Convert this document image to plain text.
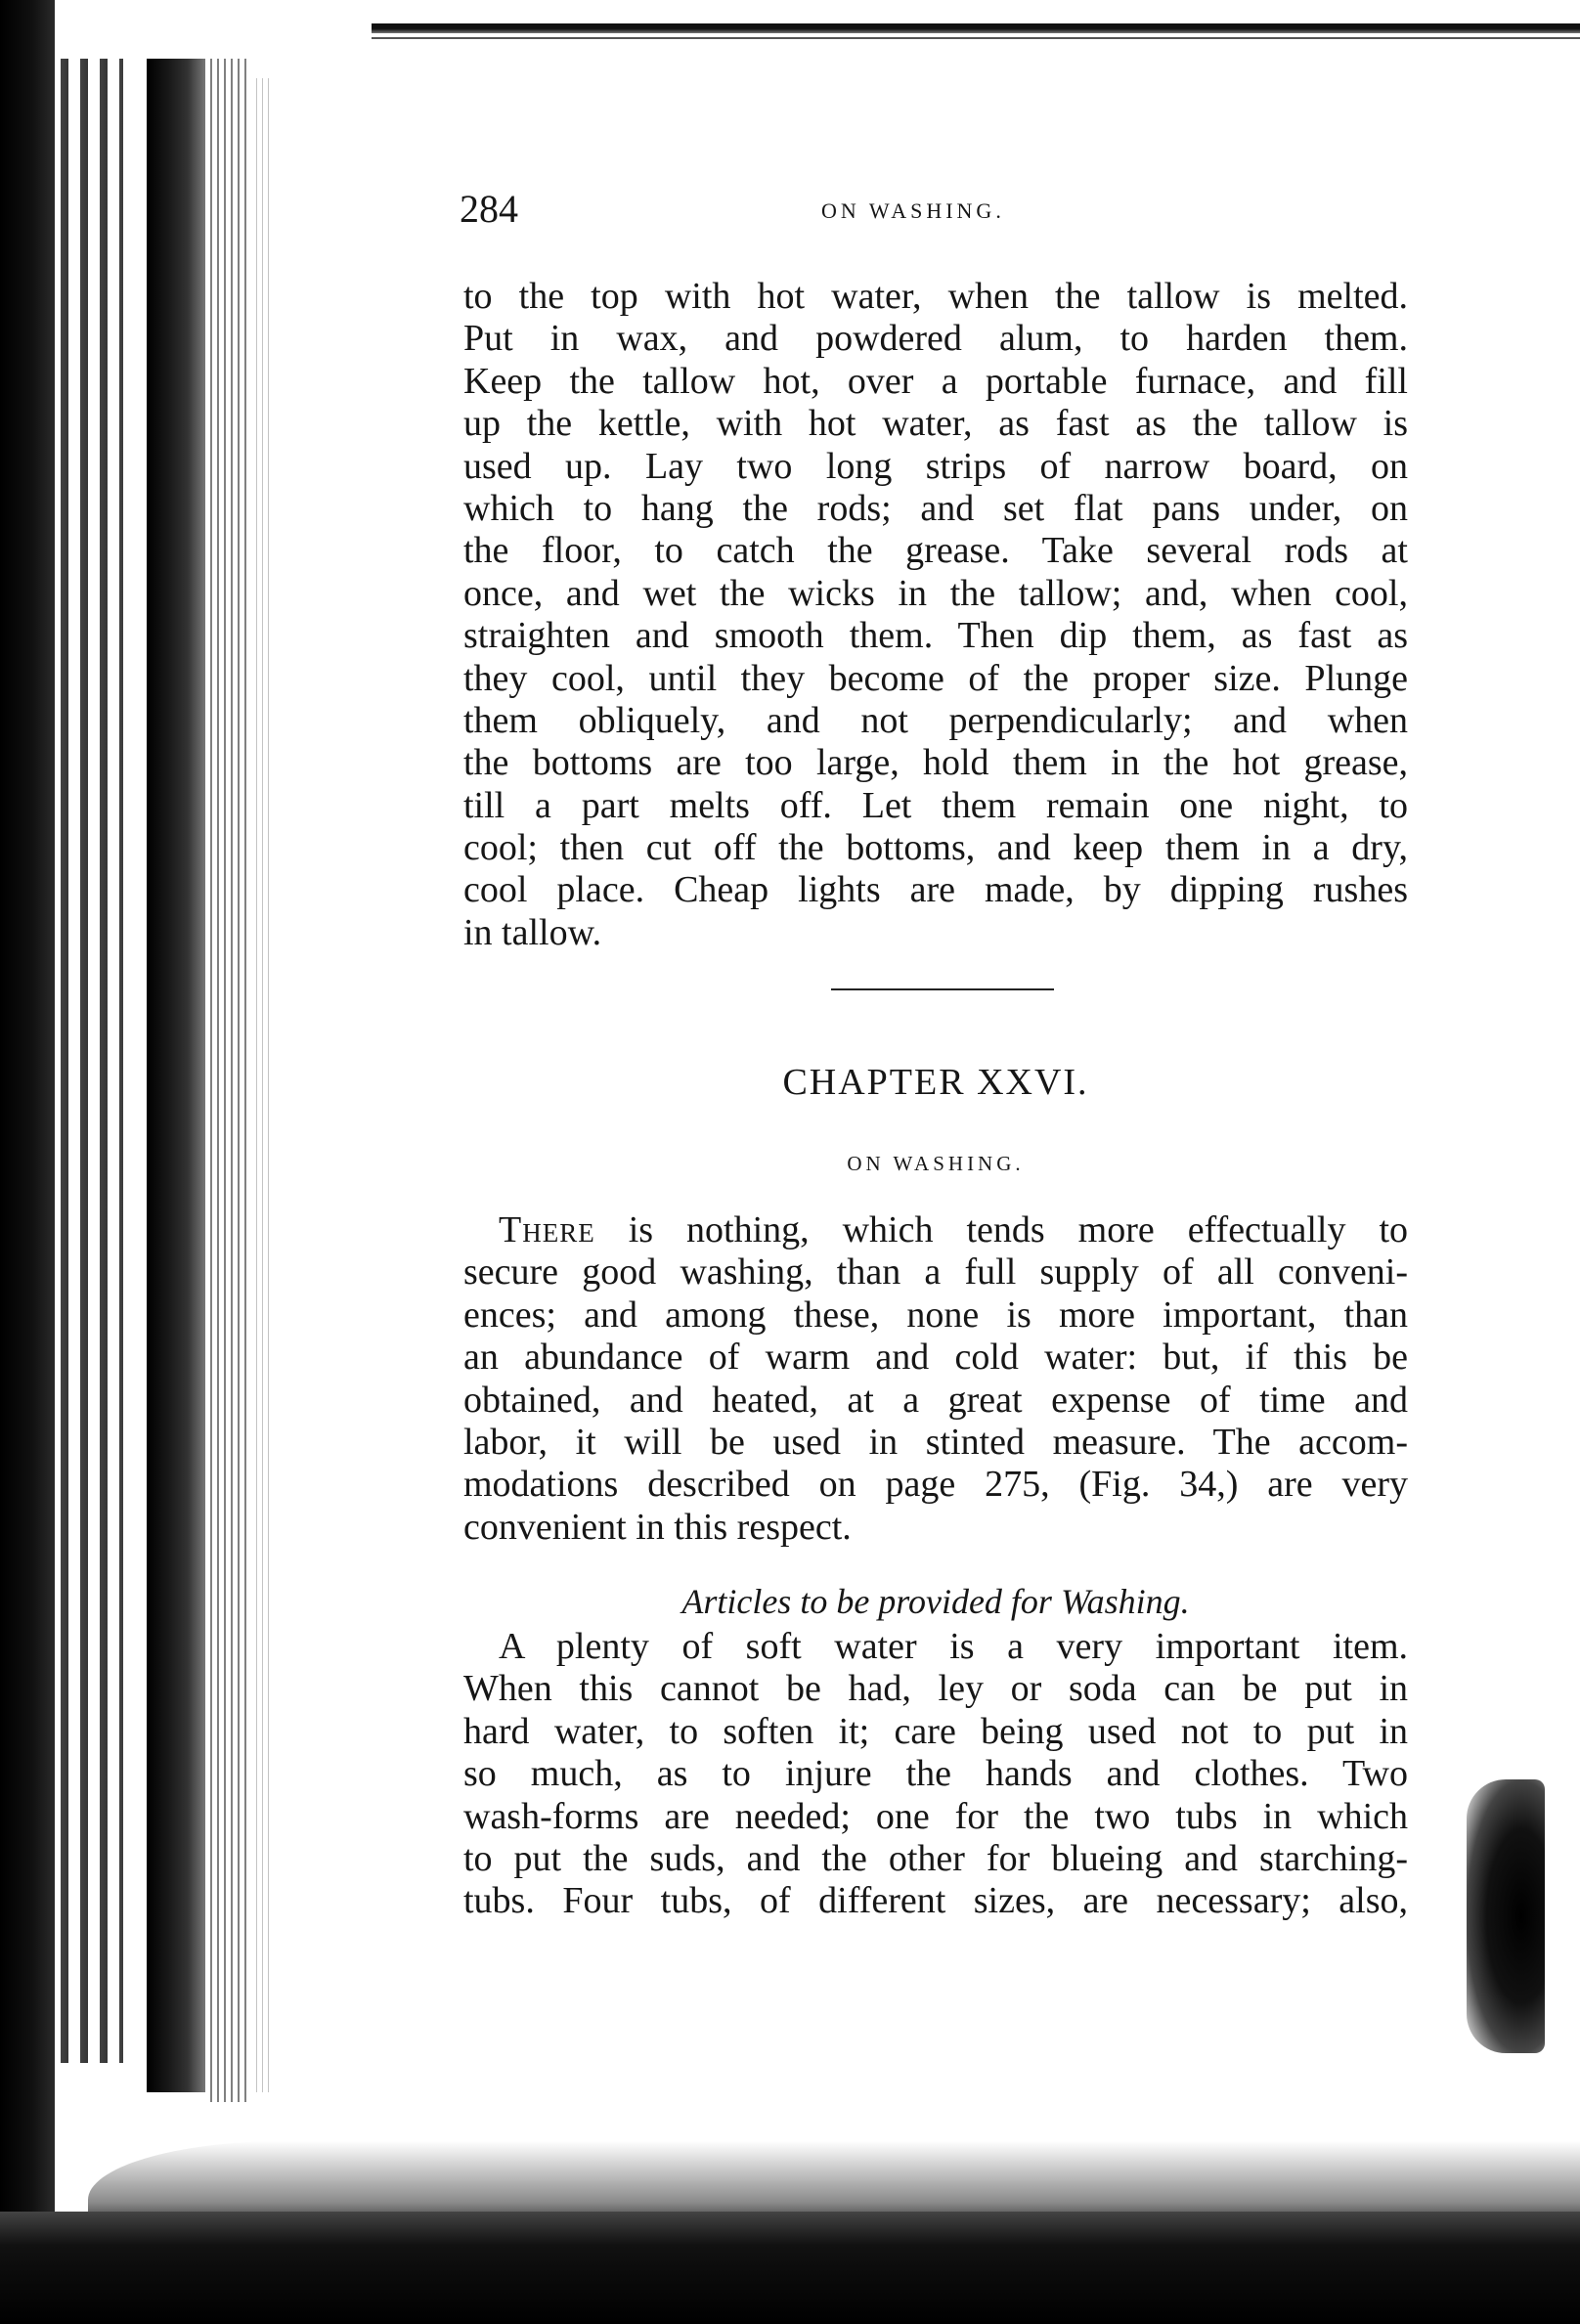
284	ON WASHING.
to the top with hot water, when the tallow is melted.
Put in wax, and powdered alum, to harden them.
Keep the tallow hot, over a portable furnace, and fill
up the kettle, with hot water, as fast as the tallow is
used up. Lay two long strips of narrow board, on
which to hang the rods; and set flat pans under, on
the floor, to catch the grease. Take several rods at
once, and wet the wicks in the tallow; and, when cool,
straighten and smooth them. Then dip them, as fast as
they cool, until they become of the proper size. Plunge
them obliquely, and not perpendicularly; and when
the bottoms are too large, hold them in the hot grease,
till a part melts off. Let them remain one night, to
cool; then cut off the bottoms, and keep them in a dry,
cool place. Cheap lights are made, by dipping rushes
in tallow.
CHAPTER XXVI.
ON WASHING.
There is nothing, which tends more effectually to
secure good washing, than a full supply of all conveni-
ences; and among these, none is more important, than
an abundance of warm and cold water: but, if this be
obtained, and heated, at a great expense of time and
labor, it will be used in stinted measure. The accom-
modations described on page 275, (Fig. 34,) are very
convenient in this respect.
Articles to be provided for Washing.
A plenty of soft water is a very important item.
When this cannot be had, ley or soda can be put in
hard water, to soften it; care being used not to put in
so much, as to injure the hands and clothes. Two
wash-forms are needed; one for the two tubs in which
to put the suds, and the other for blueing and starching-
tubs. Four tubs, of different sizes, are necessary; also,
